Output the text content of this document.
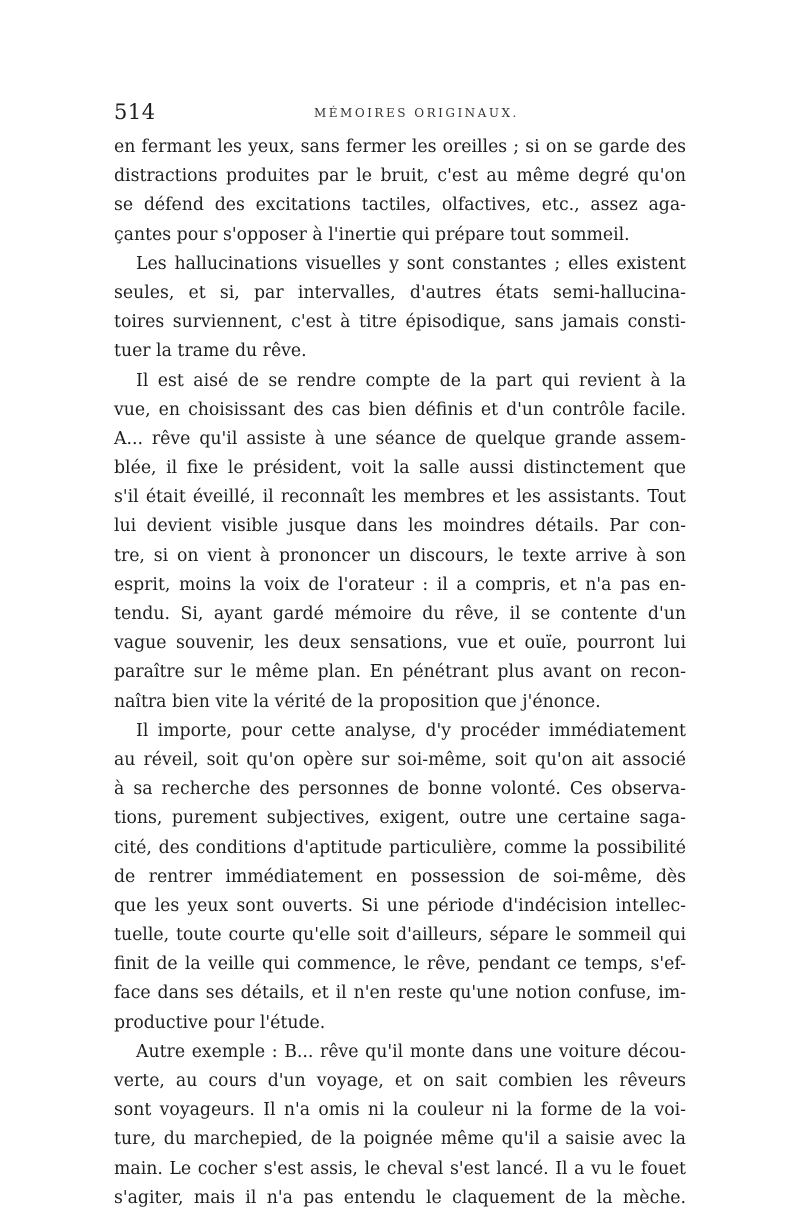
514	MÉMOIRES ORIGINAUX.
en fermant les yeux, sans fermer les oreilles ; si on se garde des
distractions produites par le bruit, c'est au même degré qu'on
se défend des excitations tactiles, olfactives, etc., assez aga-
çantes pour s'opposer à l'inertie qui prépare tout sommeil.
Les hallucinations visuelles y sont constantes ; elles existent
seules, et si, par intervalles, d'autres états semi-hallucina-
toires surviennent, c'est à titre épisodique, sans jamais consti-
tuer la trame du rêve.
Il est aisé de se rendre compte de la part qui revient à la
vue, en choisissant des cas bien définis et d'un contrôle facile.
A... rêve qu'il assiste à une séance de quelque grande assem-
blée, il fixe le président, voit la salle aussi distinctement que
s'il était éveillé, il reconnaît les membres et les assistants. Tout
lui devient visible jusque dans les moindres détails. Par con-
tre, si on vient à prononcer un discours, le texte arrive à son
esprit, moins la voix de l'orateur : il a compris, et n'a pas en-
tendu. Si, ayant gardé mémoire du rêve, il se contente d'un
vague souvenir, les deux sensations, vue et ouïe, pourront lui
paraître sur le même plan. En pénétrant plus avant on recon-
naîtra bien vite la vérité de la proposition que j'énonce.
Il importe, pour cette analyse, d'y procéder immédiatement
au réveil, soit qu'on opère sur soi-même, soit qu'on ait associé
à sa recherche des personnes de bonne volonté. Ces observa-
tions, purement subjectives, exigent, outre une certaine saga-
cité, des conditions d'aptitude particulière, comme la possibilité
de rentrer immédiatement en possession de soi-même, dès
que les yeux sont ouverts. Si une période d'indécision intellec-
tuelle, toute courte qu'elle soit d'ailleurs, sépare le sommeil qui
finit de la veille qui commence, le rêve, pendant ce temps, s'ef-
face dans ses détails, et il n'en reste qu'une notion confuse, im-
productive pour l'étude.
Autre exemple : B... rêve qu'il monte dans une voiture décou-
verte, au cours d'un voyage, et on sait combien les rêveurs
sont voyageurs. Il n'a omis ni la couleur ni la forme de la voi-
ture, du marchepied, de la poignée même qu'il a saisie avec la
main. Le cocher s'est assis, le cheval s'est lancé. Il a vu le fouet
s'agiter, mais il n'a pas entendu le claquement de la mèche.
